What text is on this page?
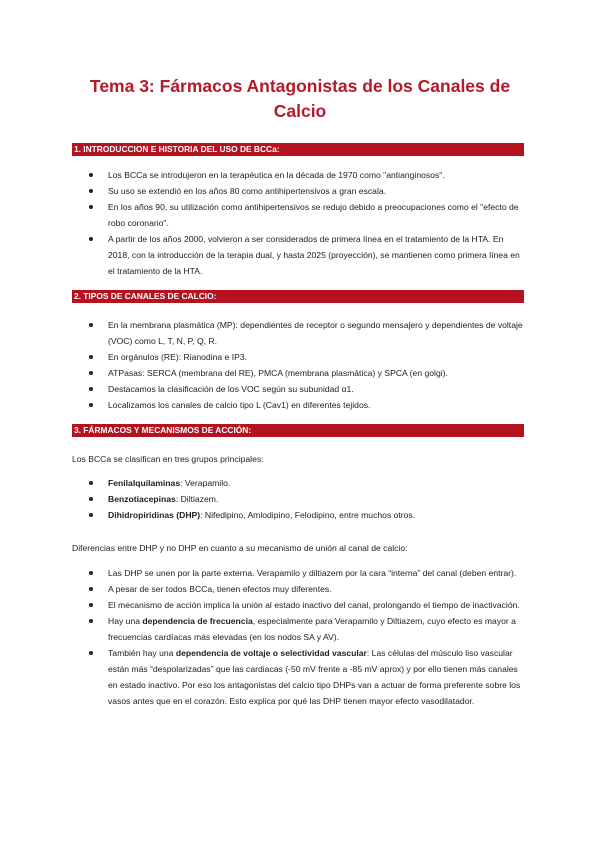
Tema 3: Fármacos Antagonistas de los Canales de Calcio
1. INTRODUCCION E HISTORIA DEL USO DE BCCa:
Los BCCa se introdujeron en la terapéutica en la década de 1970 como "antianginosos".
Su uso se extendió en los años 80 como antihipertensivos a gran escala.
En los años 90, su utilización como antihipertensivos se redujo debido a preocupaciones como el "efecto de robo coronario".
A partir de los años 2000, volvieron a ser considerados de primera línea en el tratamiento de la HTA. En 2018, con la introducción de la terapia dual, y hasta 2025 (proyección), se mantienen como primera línea en el tratamiento de la HTA.
2. TIPOS DE CANALES DE CALCIO:
En la membrana plasmática (MP): dependientes de receptor o segundo mensajero y dependientes de voltaje (VOC) como L, T, N, P, Q, R.
En orgánulos (RE): Rianodina e IP3.
ATPasas: SERCA (membrana del RE), PMCA (membrana plasmática) y SPCA (en golgi).
Destacamos la clasificación de los VOC según su subunidad α1.
Localizamos los canales de calcio tipo L (Cav1) en diferentes tejidos.
3. FÁRMACOS Y MECANISMOS DE ACCIÓN:
Los BCCa se clasifican en tres grupos principales:
Fenilalquilaminas: Verapamilo.
Benzotiacepinas: Diltiazem.
Dihidropiridinas (DHP): Nifedipino, Amlodipino, Felodipino, entre muchos otros.
Diferencias entre DHP y no DHP en cuanto a su mecanismo de unión al canal de calcio:
Las DHP se unen por la parte externa. Verapamilo y diltiazem por la cara “interna” del canal (deben entrar).
A pesar de ser todos BCCa, tienen efectos muy diferentes.
El mecanismo de acción implica la unión al estado inactivo del canal, prolongando el tiempo de inactivación.
Hay una dependencia de frecuencia, especialmente para Verapamilo y Diltiazem, cuyo efecto es mayor a frecuencias cardíacas más elevadas (en los nodos SA y AV).
También hay una dependencia de voltaje o selectividad vascular: Las células del músculo liso vascular están más “despolarizadas” que las cardiacas (-50 mV frente a -85 mV aprox) y por ello tienen más canales en estado inactivo. Por eso los antagonistas del calcio tipo DHPs van a actuar de forma preferente sobre los vasos antes que en el corazón. Esto explica por qué las DHP tienen mayor efecto vasodilatador.
